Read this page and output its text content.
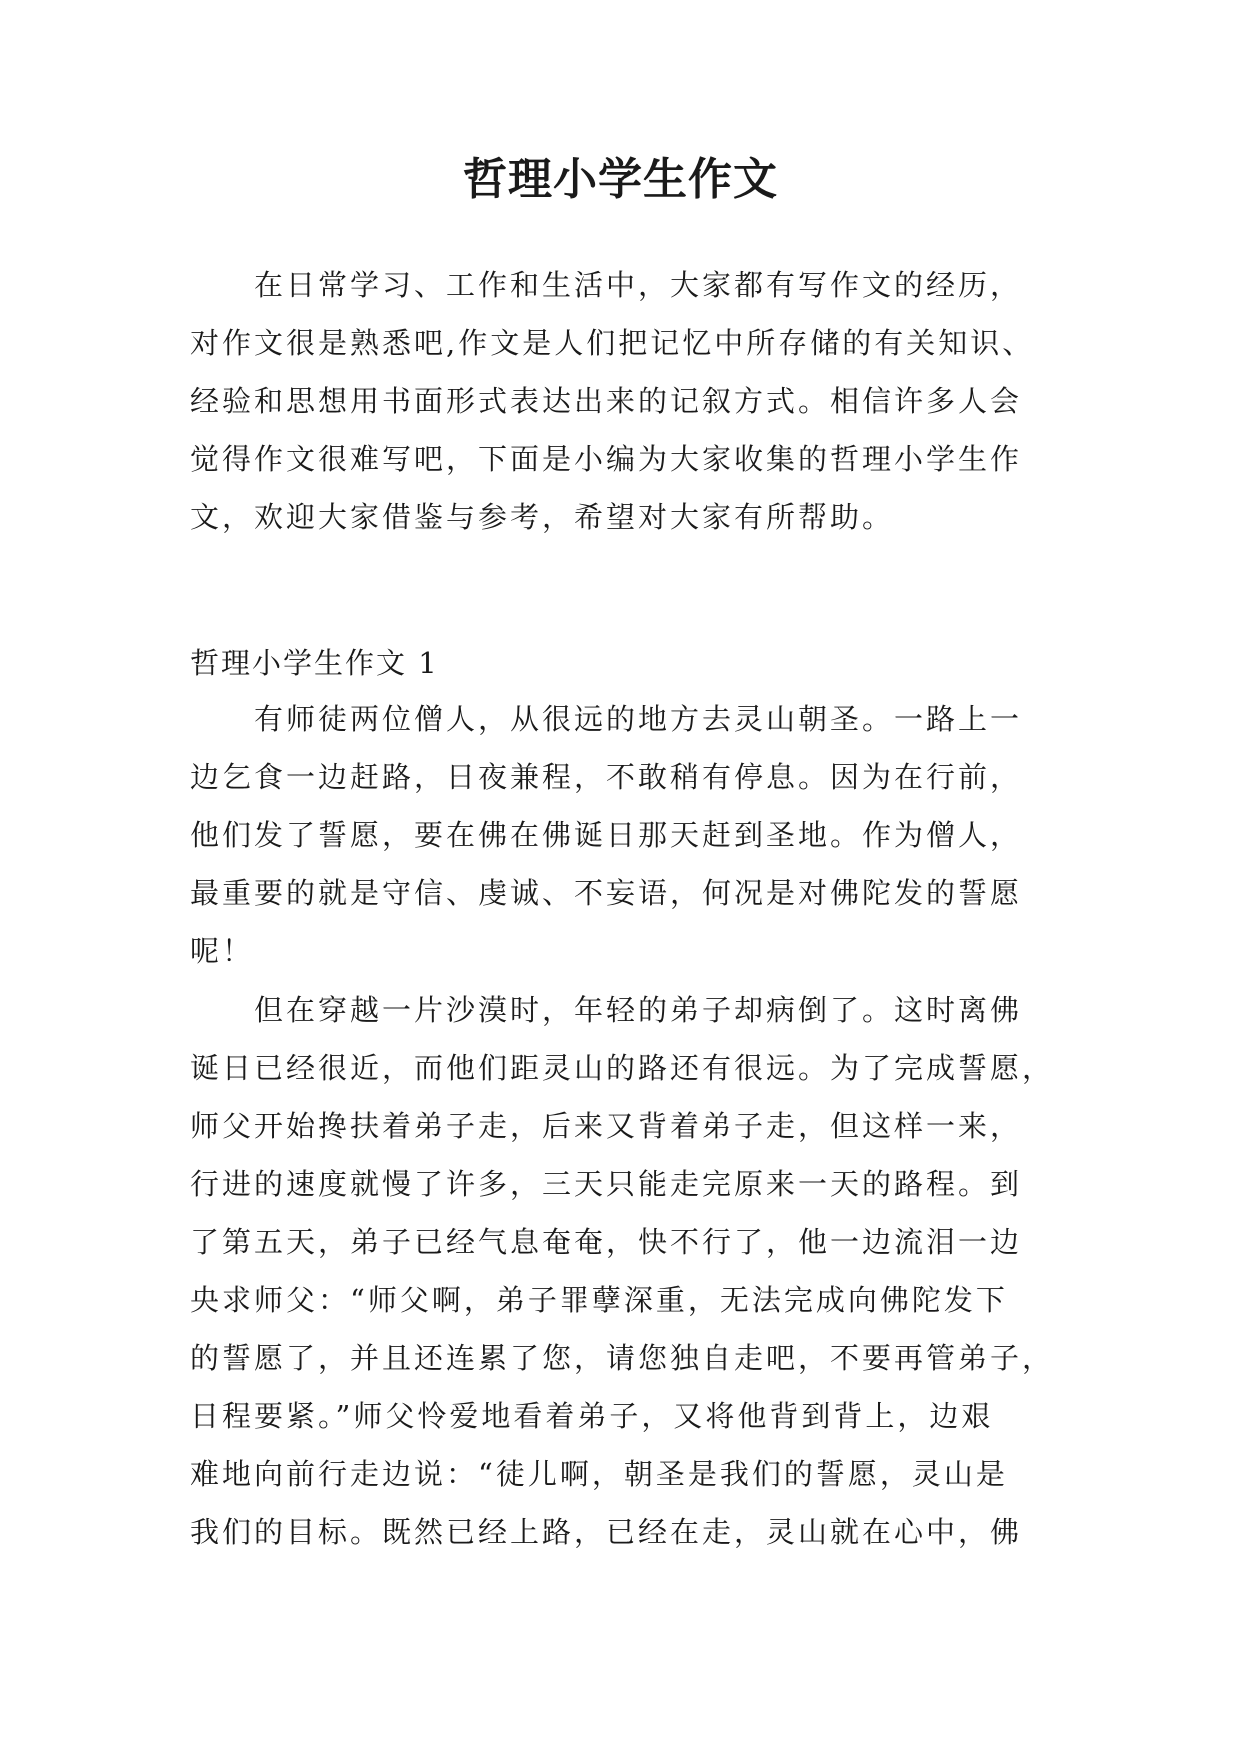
哲理小学生作文
在日常学习、工作和生活中，大家都有写作文的经历，
对作文很是熟悉吧,作文是人们把记忆中所存储的有关知识、
经验和思想用书面形式表达出来的记叙方式。相信许多人会
觉得作文很难写吧，下面是小编为大家收集的哲理小学生作
文，欢迎大家借鉴与参考，希望对大家有所帮助。
哲理小学生作文 1
有师徒两位僧人，从很远的地方去灵山朝圣。一路上一
边乞食一边赶路，日夜兼程，不敢稍有停息。因为在行前，
他们发了誓愿，要在佛在佛诞日那天赶到圣地。作为僧人，
最重要的就是守信、虔诚、不妄语，何况是对佛陀发的誓愿
呢！
但在穿越一片沙漠时，年轻的弟子却病倒了。这时离佛
诞日已经很近，而他们距灵山的路还有很远。为了完成誓愿，
师父开始搀扶着弟子走，后来又背着弟子走，但这样一来，
行进的速度就慢了许多，三天只能走完原来一天的路程。到
了第五天，弟子已经气息奄奄，快不行了，他一边流泪一边
央求师父：“师父啊，弟子罪孽深重，无法完成向佛陀发下
的誓愿了，并且还连累了您，请您独自走吧，不要再管弟子，
日程要紧。”师父怜爱地看着弟子，又将他背到背上，边艰
难地向前行走边说：“徒儿啊，朝圣是我们的誓愿，灵山是
我们的目标。既然已经上路，已经在走，灵山就在心中，佛
